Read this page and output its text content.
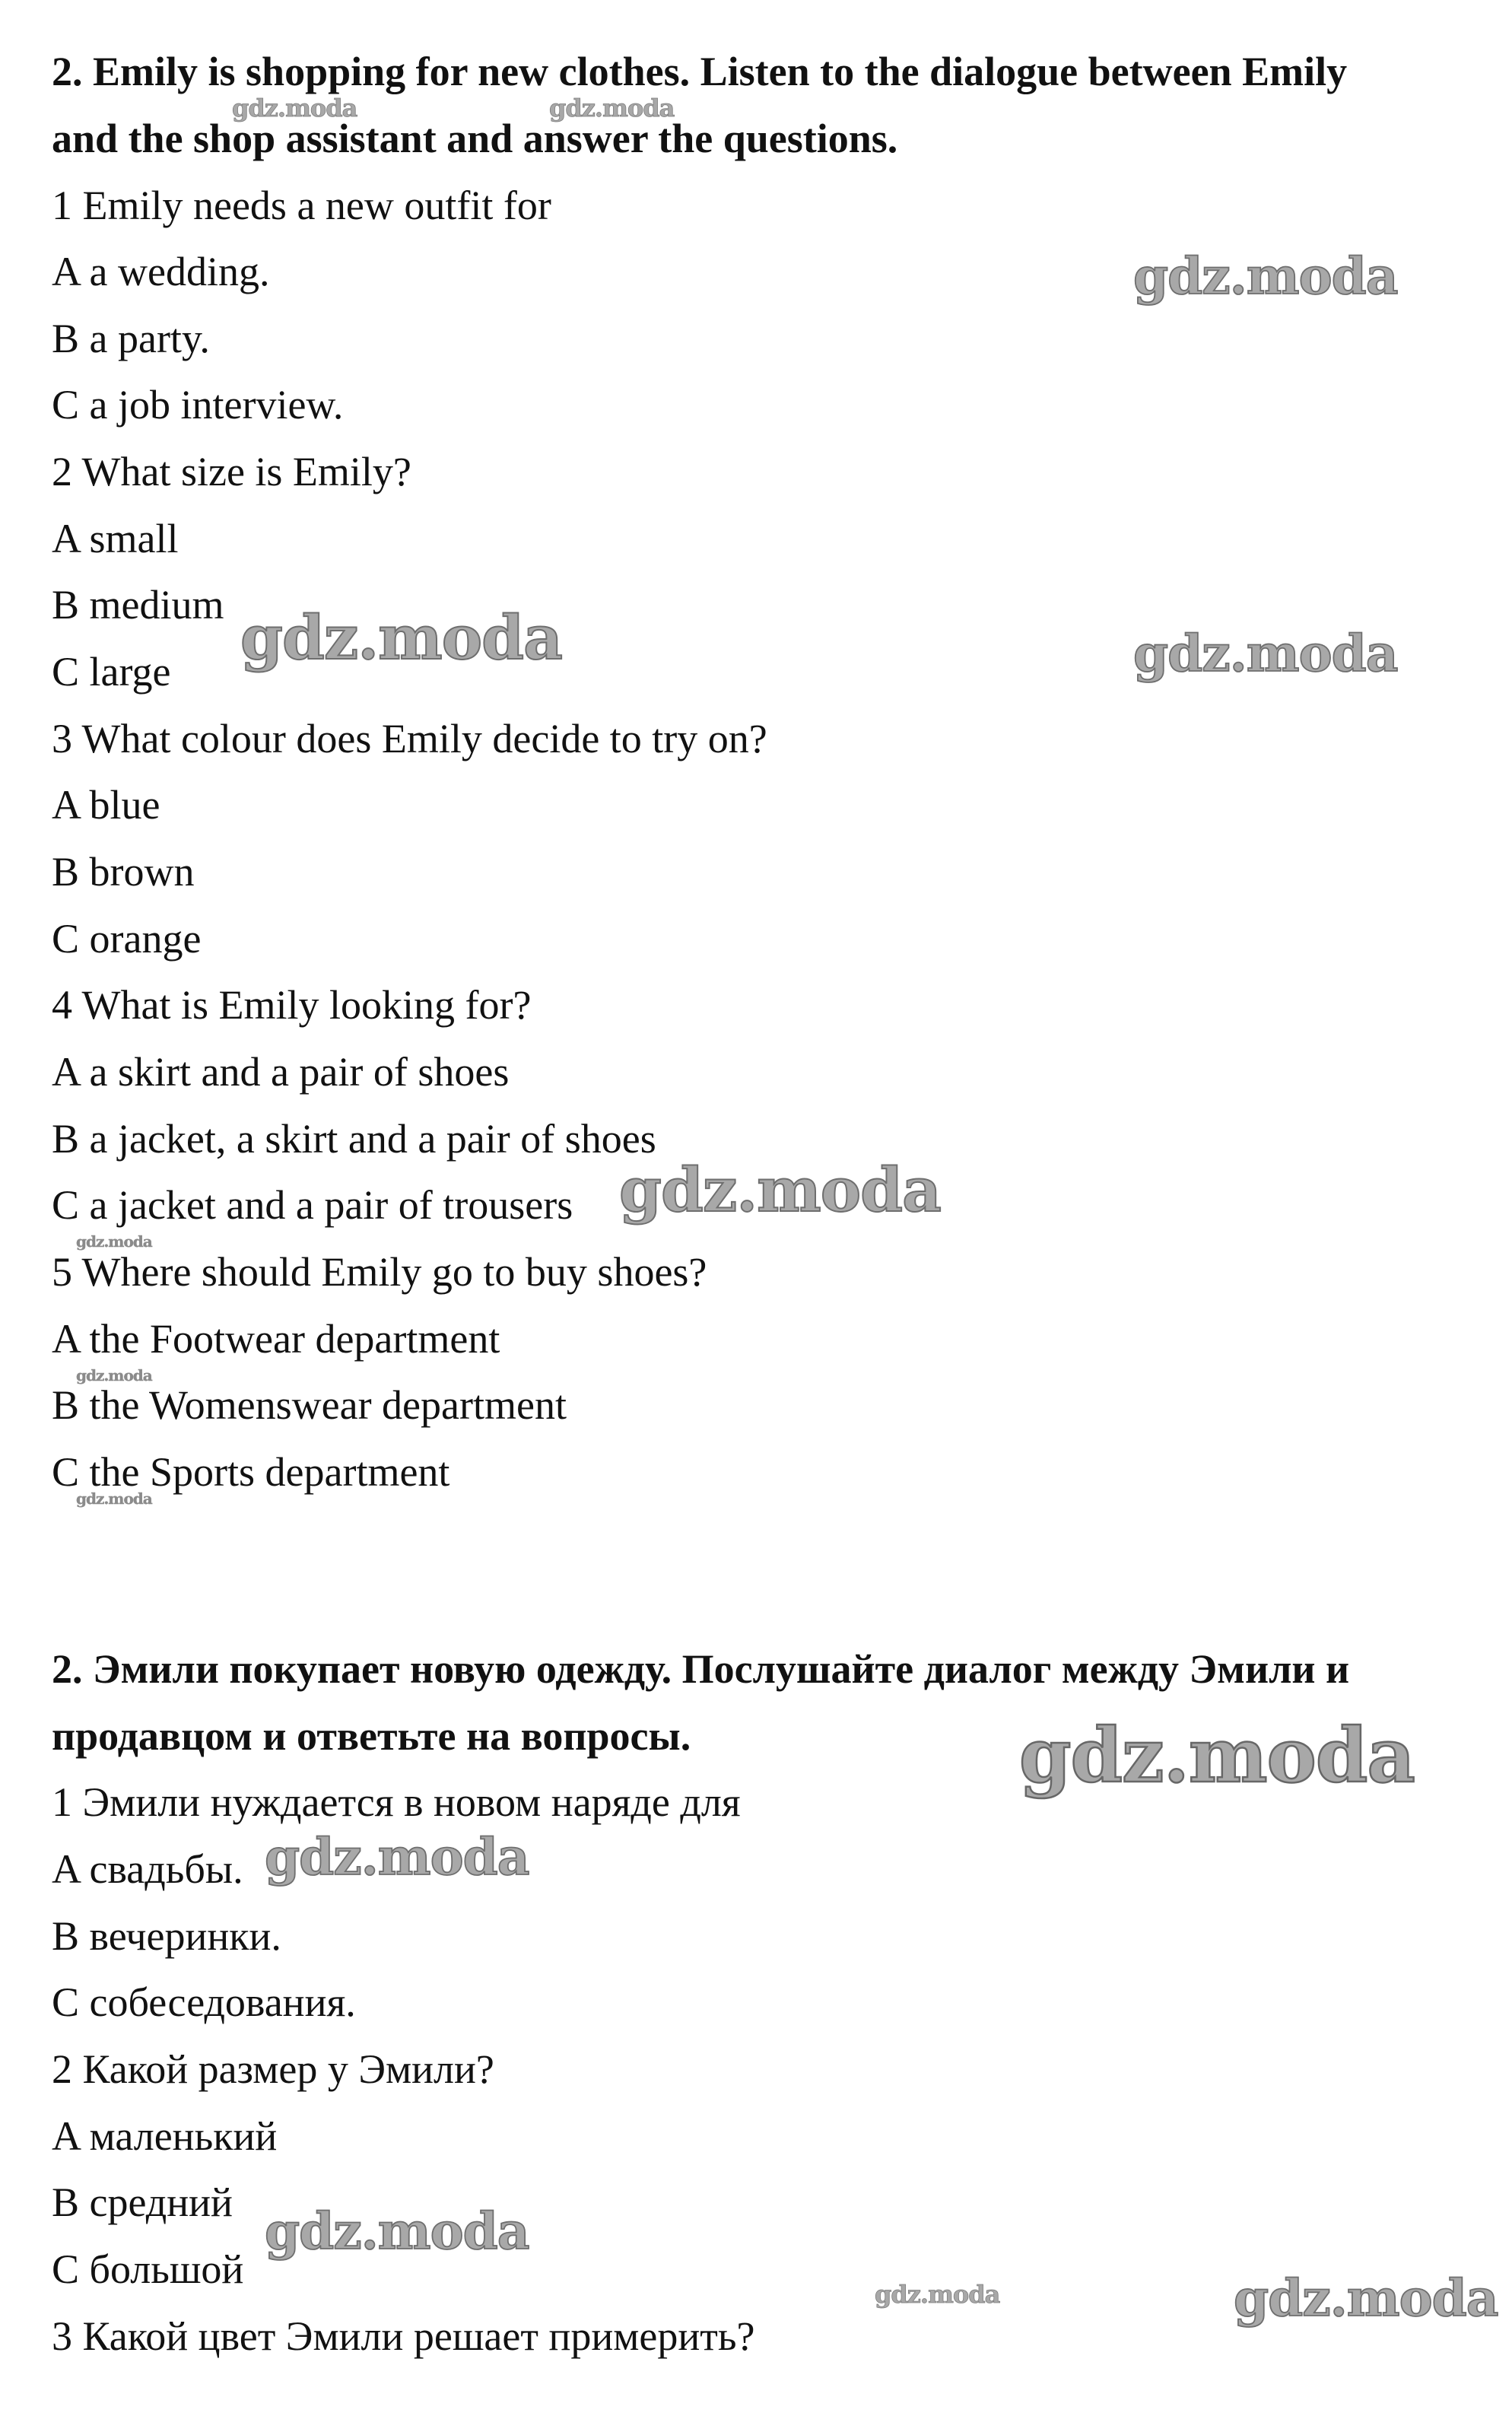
2. Emily is shopping for new clothes. Listen to the dialogue between Emily
and the shop assistant and answer the questions.
1 Emily needs a new outfit for
A a wedding.
B a party.
C a job interview.
2 What size is Emily?
A small
B medium
C large
3 What colour does Emily decide to try on?
A blue
B brown
C orange
4 What is Emily looking for?
A a skirt and a pair of shoes
B a jacket, a skirt and a pair of shoes
C a jacket and a pair of trousers
5 Where should Emily go to buy shoes?
A the Footwear department
B the Womenswear department
C the Sports department
2. Эмили покупает новую одежду. Послушайте диалог между Эмили и
продавцом и ответьте на вопросы.
1 Эмили нуждается в новом наряде для
A свадьбы.
B вечеринки.
C собеседования.
2 Какой размер у Эмили?
A маленький
B средний
C большой
3 Какой цвет Эмили решает примерить?
gdz.moda	gdz.moda
gdz.moda
gdz.moda	gdz.moda
gdz.moda
gdz.moda
gdz.moda
gdz.moda
gdz.moda
gdz.moda
gdz.moda
gdz.moda	gdz.moda
